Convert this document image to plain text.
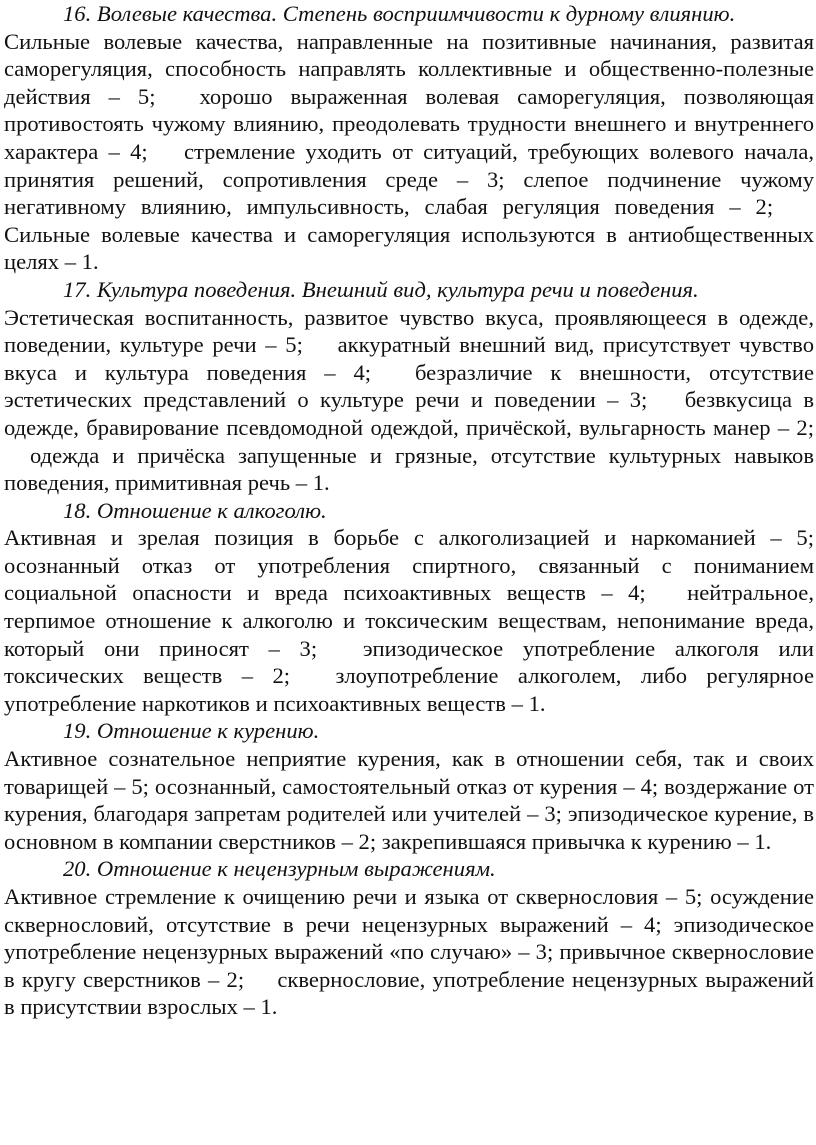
16. Волевые качества. Степень восприимчивости к дурному влиянию.

Сильные волевые качества, направленные на позитивные начинания, развитая саморегуляция, способность направлять коллективные и общественно-полезные действия – 5; хорошо выраженная волевая саморегуляция, позволяющая противостоять чужому влиянию, преодолевать трудности внешнего и внутреннего характера – 4; стремление уходить от ситуаций, требующих волевого начала, принятия решений, сопротивления среде – 3; слепое подчинение чужому негативному влиянию, импульсивность, слабая регуляция поведения – 2; Сильные волевые качества и саморегуляция используются в антиобщественных целях – 1.

17. Культура поведения. Внешний вид, культура речи и поведения.

Эстетическая воспитанность, развитое чувство вкуса, проявляющееся в одежде, поведении, культуре речи – 5; аккуратный внешний вид, присутствует чувство вкуса и культура поведения – 4; безразличие к внешности, отсутствие эстетических представлений о культуре речи и поведении – 3; безвкусица в одежде, бравирование псевдомодной одеждой, причёской, вульгарность манер – 2; одежда и причёска запущенные и грязные, отсутствие культурных навыков поведения, примитивная речь – 1.

18. Отношение к алкоголю.

Активная и зрелая позиция в борьбе с алкоголизацией и наркоманией – 5; осознанный отказ от употребления спиртного, связанный с пониманием социальной опасности и вреда психоактивных веществ – 4; нейтральное, терпимое отношение к алкоголю и токсическим веществам, непонимание вреда, который они приносят – 3; эпизодическое употребление алкоголя или токсических веществ – 2; злоупотребление алкоголем, либо регулярное употребление наркотиков и психоактивных веществ – 1.

19. Отношение к курению.

Активное сознательное неприятие курения, как в отношении себя, так и своих товарищей – 5; осознанный, самостоятельный отказ от курения – 4; воздержание от курения, благодаря запретам родителей или учителей – 3; эпизодическое курение, в основном в компании сверстников – 2; закрепившаяся привычка к курению – 1.

20. Отношение к нецензурным выражениям.

Активное стремление к очищению речи и языка от сквернословия – 5; осуждение сквернословий, отсутствие в речи нецензурных выражений – 4; эпизодическое употребление нецензурных выражений «по случаю» – 3; привычное сквернословие в кругу сверстников – 2; сквернословие, употребление нецензурных выражений в присутствии взрослых – 1.
